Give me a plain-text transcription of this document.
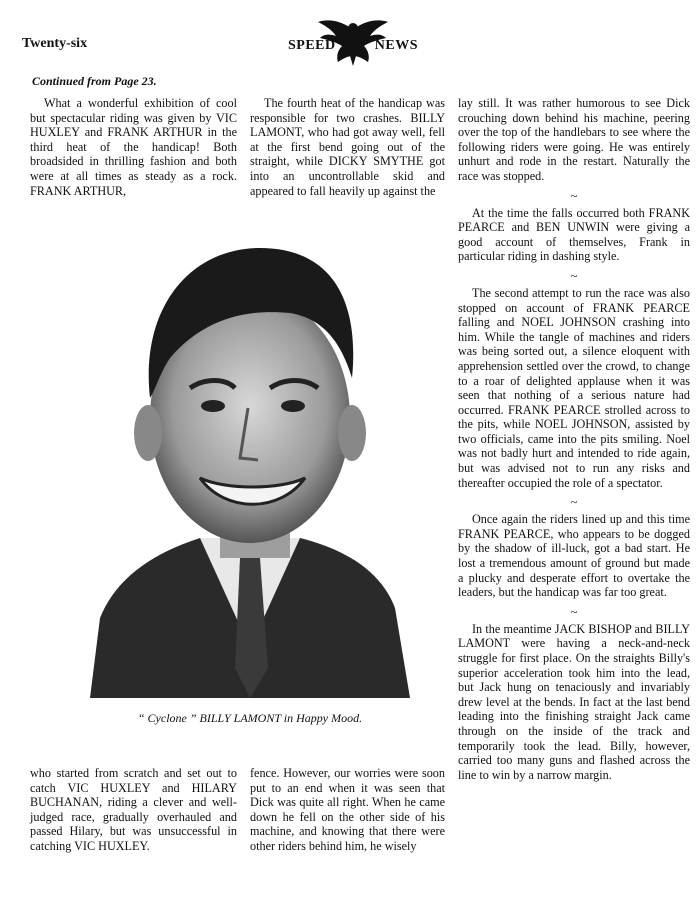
Twenty-six	SPEED	NEWS
Continued from Page 23.

What a wonderful exhibition of cool but spectacular riding was given by VIC HUXLEY and FRANK ARTHUR in the third heat of the handicap! Both broadsided in thrilling fashion and both were at all times as steady as a rock. FRANK ARTHUR,

The fourth heat of the handicap was responsible for two crashes. BILLY LAMONT, who had got away well, fell at the first bend going out of the straight, while DICKY SMYTHE got into an uncontrollable skid and appeared to fall heavily up against the

lay still. It was rather humorous to see Dick crouching down behind his machine, peering over the top of the handlebars to see where the following riders were going. He was entirely unhurt and rode in the restart. Naturally the race was stopped.

~

At the time the falls occurred both FRANK PEARCE and BEN UNWIN were giving a good account of themselves, Frank in particular riding in dashing style.

~

The second attempt to run the race was also stopped on account of FRANK PEARCE falling and NOEL JOHNSON crashing into him. While the tangle of machines and riders was being sorted out, a silence eloquent with apprehension settled over the crowd, to change to a roar of delighted applause when it was seen that nothing of a serious nature had occurred. FRANK PEARCE strolled across to the pits, while NOEL JOHNSON, assisted by two officials, came into the pits smiling. Noel was not badly hurt and intended to ride again, but was advised not to run any risks and thereafter occupied the role of a spectator.

~

Once again the riders lined up and this time FRANK PEARCE, who appears to be dogged by the shadow of ill-luck, got a bad start. He lost a tremendous amount of ground but made a plucky and desperate effort to overtake the leaders, but the handicap was far too great.

~

In the meantime JACK BISHOP and BILLY LAMONT were having a neck-and-neck struggle for first place. On the straights Billy's superior acceleration took him into the lead, but Jack hung on tenaciously and invariably drew level at the bends. In fact at the last bend leading into the finishing straight Jack came through on the inside of the track and temporarily took the lead. Billy, however, carried too many guns and flashed across the line to win by a narrow margin.

“ Cyclone ” BILLY LAMONT in Happy Mood.

who started from scratch and set out to catch VIC HUXLEY and HILARY BUCHANAN, riding a clever and well-judged race, gradually overhauled and passed Hilary, but was unsuccessful in catching VIC HUXLEY.

fence. However, our worries were soon put to an end when it was seen that Dick was quite all right. When he came down he fell on the other side of his machine, and knowing that there were other riders behind him, he wisely
